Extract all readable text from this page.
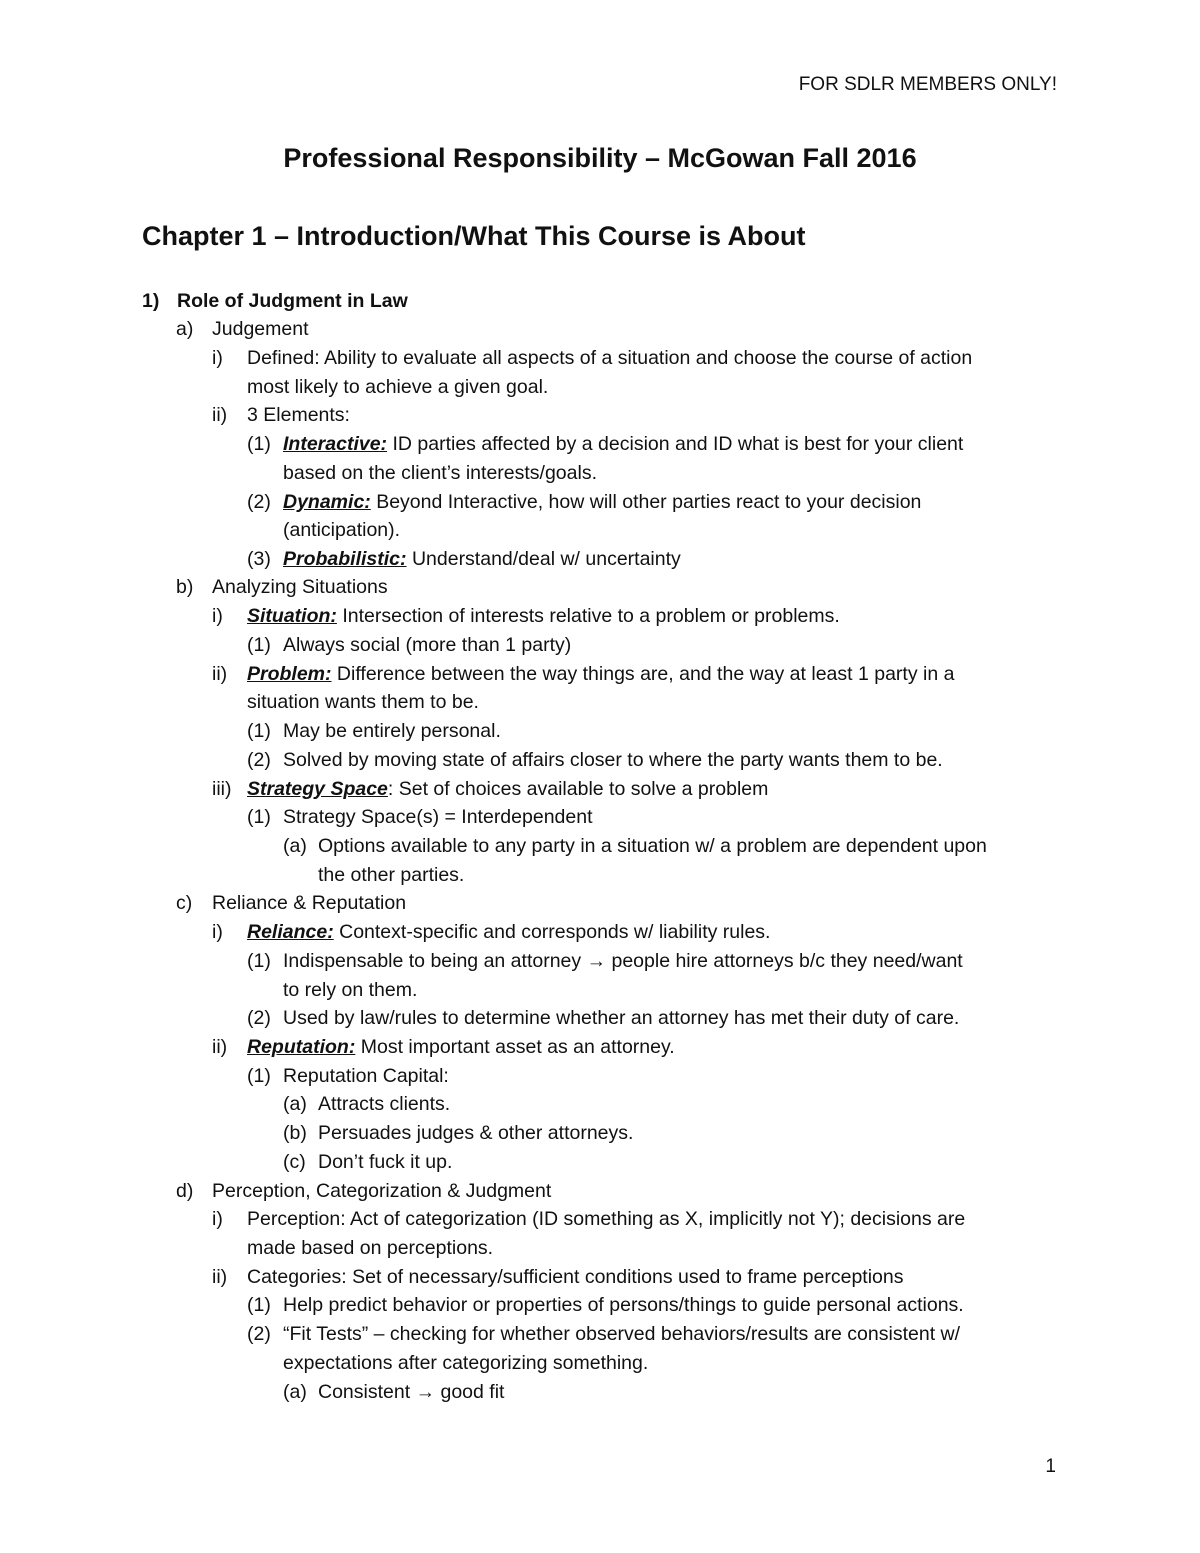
FOR SDLR MEMBERS ONLY!
Professional Responsibility – McGowan Fall 2016
Chapter 1 – Introduction/What This Course is About
1) Role of Judgment in Law
a) Judgement
i) Defined: Ability to evaluate all aspects of a situation and choose the course of action
most likely to achieve a given goal.
ii) 3 Elements:
(1) Interactive: ID parties affected by a decision and ID what is best for your client
based on the client’s interests/goals.
(2) Dynamic: Beyond Interactive, how will other parties react to your decision
(anticipation).
(3) Probabilistic: Understand/deal w/ uncertainty
b) Analyzing Situations
i) Situation: Intersection of interests relative to a problem or problems.
(1) Always social (more than 1 party)
ii) Problem: Difference between the way things are, and the way at least 1 party in a
situation wants them to be.
(1) May be entirely personal.
(2) Solved by moving state of affairs closer to where the party wants them to be.
iii) Strategy Space: Set of choices available to solve a problem
(1) Strategy Space(s) = Interdependent
(a) Options available to any party in a situation w/ a problem are dependent upon
the other parties.
c) Reliance & Reputation
i) Reliance: Context-specific and corresponds w/ liability rules.
(1) Indispensable to being an attorney → people hire attorneys b/c they need/want
to rely on them.
(2) Used by law/rules to determine whether an attorney has met their duty of care.
ii) Reputation: Most important asset as an attorney.
(1) Reputation Capital:
(a) Attracts clients.
(b) Persuades judges & other attorneys.
(c) Don’t fuck it up.
d) Perception, Categorization & Judgment
i) Perception: Act of categorization (ID something as X, implicitly not Y); decisions are
made based on perceptions.
ii) Categories: Set of necessary/sufficient conditions used to frame perceptions
(1) Help predict behavior or properties of persons/things to guide personal actions.
(2) “Fit Tests” – checking for whether observed behaviors/results are consistent w/
expectations after categorizing something.
(a) Consistent → good fit
1
